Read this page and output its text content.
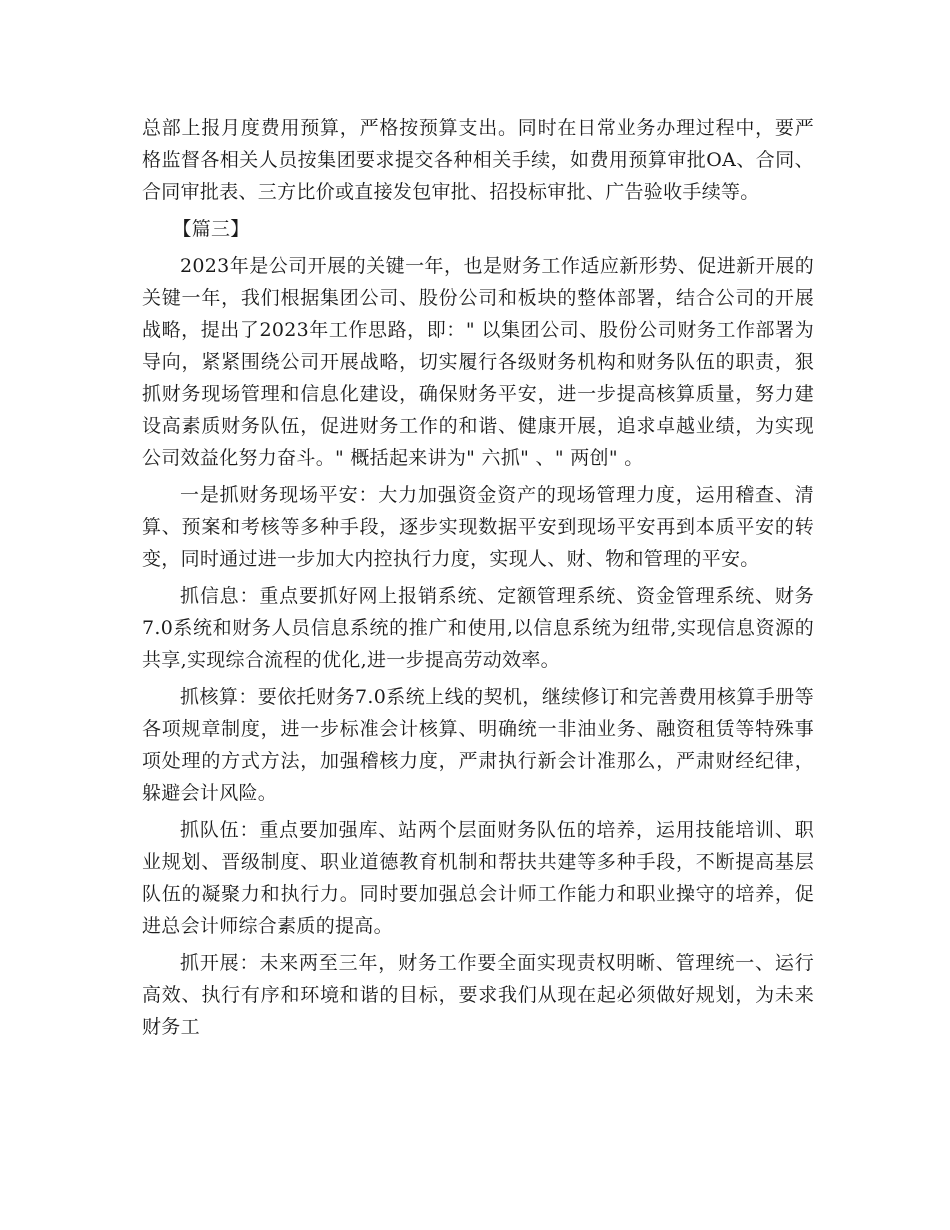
总部上报月度费用预算，严格按预算支出。同时在日常业务办理过程中，要严格监督各相关人员按集团要求提交各种相关手续，如费用预算审批OA、合同、合同审批表、三方比价或直接发包审批、招投标审批、广告验收手续等。

【篇三】

2023年是公司开展的关键一年，也是财务工作适应新形势、促进新开展的关键一年，我们根据集团公司、股份公司和板块的整体部署，结合公司的开展战略，提出了2023年工作思路，即：" 以集团公司、股份公司财务工作部署为导向，紧紧围绕公司开展战略，切实履行各级财务机构和财务队伍的职责，狠抓财务现场管理和信息化建设，确保财务平安，进一步提高核算质量，努力建设高素质财务队伍，促进财务工作的和谐、健康开展，追求卓越业绩，为实现公司效益化努力奋斗。" 概括起来讲为" 六抓" 、" 两创" 。

一是抓财务现场平安：大力加强资金资产的现场管理力度，运用稽查、清算、预案和考核等多种手段，逐步实现数据平安到现场平安再到本质平安的转变，同时通过进一步加大内控执行力度，实现人、财、物和管理的平安。

抓信息：重点要抓好网上报销系统、定额管理系统、资金管理系统、财务7.0系统和财务人员信息系统的推广和使用,以信息系统为纽带,实现信息资源的共享,实现综合流程的优化,进一步提高劳动效率。

抓核算：要依托财务7.0系统上线的契机，继续修订和完善费用核算手册等各项规章制度，进一步标准会计核算、明确统一非油业务、融资租赁等特殊事项处理的方式方法，加强稽核力度，严肃执行新会计准那么，严肃财经纪律，躲避会计风险。

抓队伍：重点要加强库、站两个层面财务队伍的培养，运用技能培训、职业规划、晋级制度、职业道德教育机制和帮扶共建等多种手段，不断提高基层队伍的凝聚力和执行力。同时要加强总会计师工作能力和职业操守的培养，促进总会计师综合素质的提高。

抓开展：未来两至三年，财务工作要全面实现责权明晰、管理统一、运行高效、执行有序和环境和谐的目标，要求我们从现在起必须做好规划，为未来财务工
